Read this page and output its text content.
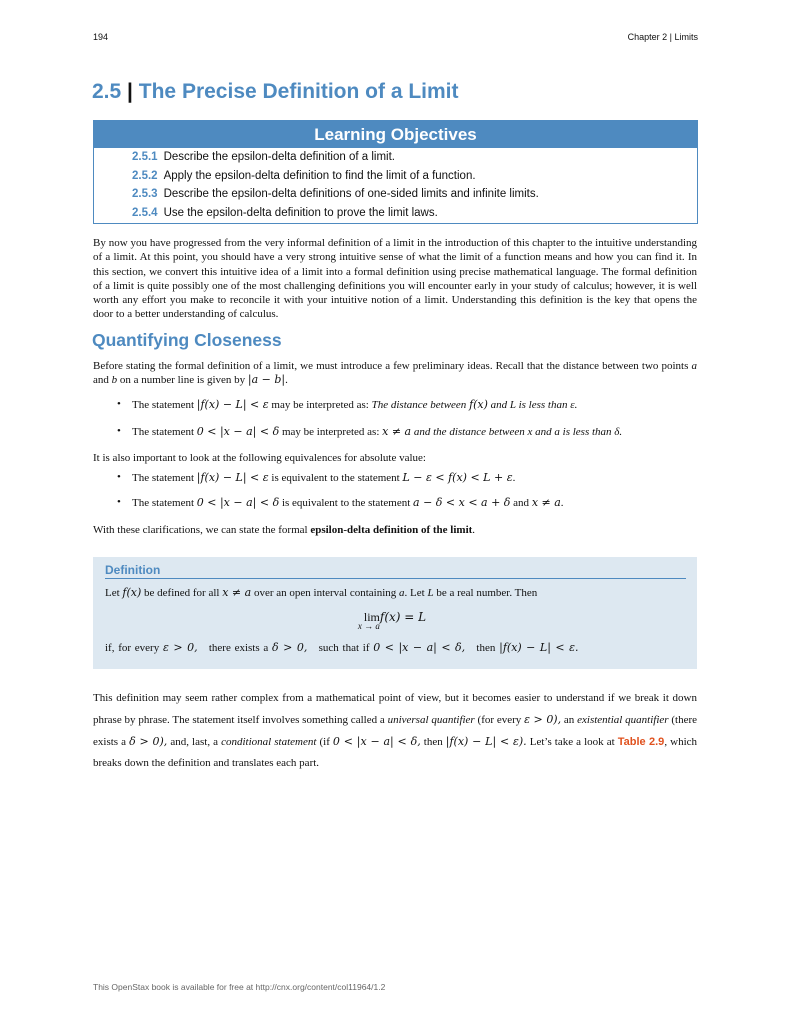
194	Chapter 2 | Limits
2.5 | The Precise Definition of a Limit
Learning Objectives
2.5.1 Describe the epsilon-delta definition of a limit.
2.5.2 Apply the epsilon-delta definition to find the limit of a function.
2.5.3 Describe the epsilon-delta definitions of one-sided limits and infinite limits.
2.5.4 Use the epsilon-delta definition to prove the limit laws.
By now you have progressed from the very informal definition of a limit in the introduction of this chapter to the intuitive understanding of a limit. At this point, you should have a very strong intuitive sense of what the limit of a function means and how you can find it. In this section, we convert this intuitive idea of a limit into a formal definition using precise mathematical language. The formal definition of a limit is quite possibly one of the most challenging definitions you will encounter early in your study of calculus; however, it is well worth any effort you make to reconcile it with your intuitive notion of a limit. Understanding this definition is the key that opens the door to a better understanding of calculus.
Quantifying Closeness
Before stating the formal definition of a limit, we must introduce a few preliminary ideas. Recall that the distance between two points a and b on a number line is given by |a − b|.
• The statement |f(x) − L| < ε may be interpreted as: The distance between f(x) and L is less than ε.
• The statement 0 < |x − a| < δ may be interpreted as: x ≠ a and the distance between x and a is less than δ.
It is also important to look at the following equivalences for absolute value:
• The statement |f(x) − L| < ε is equivalent to the statement L − ε < f(x) < L + ε.
• The statement 0 < |x − a| < δ is equivalent to the statement a − δ < x < a + δ and x ≠ a.
With these clarifications, we can state the formal epsilon-delta definition of the limit.
Definition
Let f(x) be defined for all x ≠ a over an open interval containing a. Let L be a real number. Then
lim
x → a
f(x) = L
if, for every ε > 0, there exists a δ > 0, such that if 0 < |x − a| < δ, then |f(x) − L| < ε.
This definition may seem rather complex from a mathematical point of view, but it becomes easier to understand if we break it down phrase by phrase. The statement itself involves something called a universal quantifier (for every ε > 0), an existential quantifier (there exists a δ > 0), and, last, a conditional statement (if 0 < |x − a| < δ, then |f(x) − L| < ε). Let’s take a look at Table 2.9, which breaks down the definition and translates each part.
This OpenStax book is available for free at http://cnx.org/content/col11964/1.2
